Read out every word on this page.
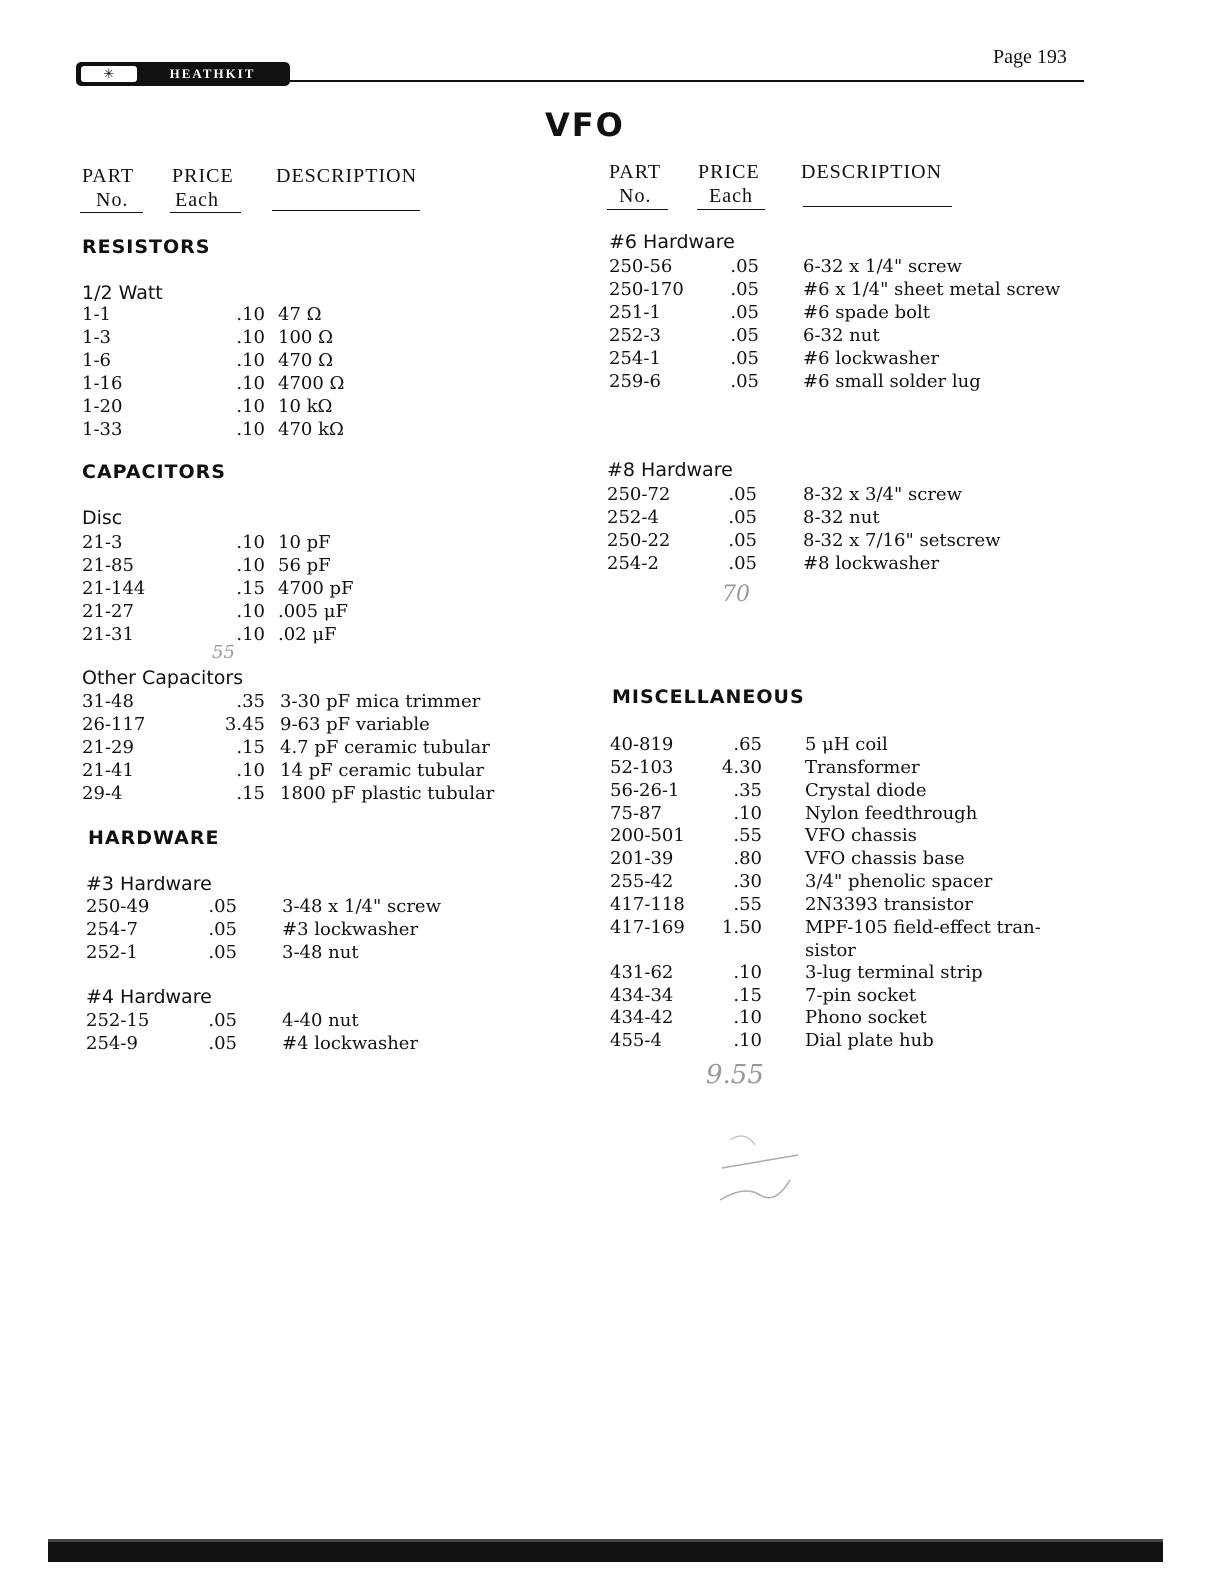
Page 193
✳	HEATHKIT
VFO
PART
No.
PRICE
Each
DESCRIPTION	PART
No.
PRICE
Each
DESCRIPTION
RESISTORS
1/2 Watt
1-1	.10 47 Ω
1-3	.10 100 Ω
1-6	.10 470 Ω
1-16	.10 4700 Ω
1-20	.10 10 kΩ
1-33	.10 470 kΩ
CAPACITORS
Disc
21-3	.10 10 pF
21-85	.10 56 pF
21-144	.15 4700 pF
21-27	.10 .005 μF
21-31	.10 .02 μF
55
Other Capacitors
31-48	.35 3-30 pF mica trimmer
26-117	3.45 9-63 pF variable
21-29	.15 4.7 pF ceramic tubular
21-41	.10 14 pF ceramic tubular
29-4	.15 1800 pF plastic tubular
HARDWARE
#3 Hardware
250-49	.05	3-48 x 1/4" screw
254-7	.05	#3 lockwasher
252-1	.05	3-48 nut
#4 Hardware
252-15	.05	4-40 nut
254-9	.05	#4 lockwasher
#6 Hardware
250-56	.05 6-32 x 1/4" screw
250-170	.05 #6 x 1/4" sheet metal screw
251-1	.05 #6 spade bolt
252-3	.05 6-32 nut
254-1	.05 #6 lockwasher
259-6	.05 #6 small solder lug
#8 Hardware
250-72	.05	8-32 x 3/4" screw
252-4	.05	8-32 nut
250-22	.05	8-32 x 7/16" setscrew
254-2	.05	#8 lockwasher
70
MISCELLANEOUS
40-819	.65 5 μH coil
52-103	4.30 Transformer
56-26-1	.35 Crystal diode
75-87	.10 Nylon feedthrough
200-501	.55 VFO chassis
201-39	.80 VFO chassis base
255-42	.30 3/4" phenolic spacer
417-118	.55 2N3393 transistor
417-169	1.50 MPF-105 field-effect tran-
sistor
431-62	.10 3-lug terminal strip
434-34	.15 7-pin socket
434-42	.10 Phono socket
455-4	.10 Dial plate hub
9.55
